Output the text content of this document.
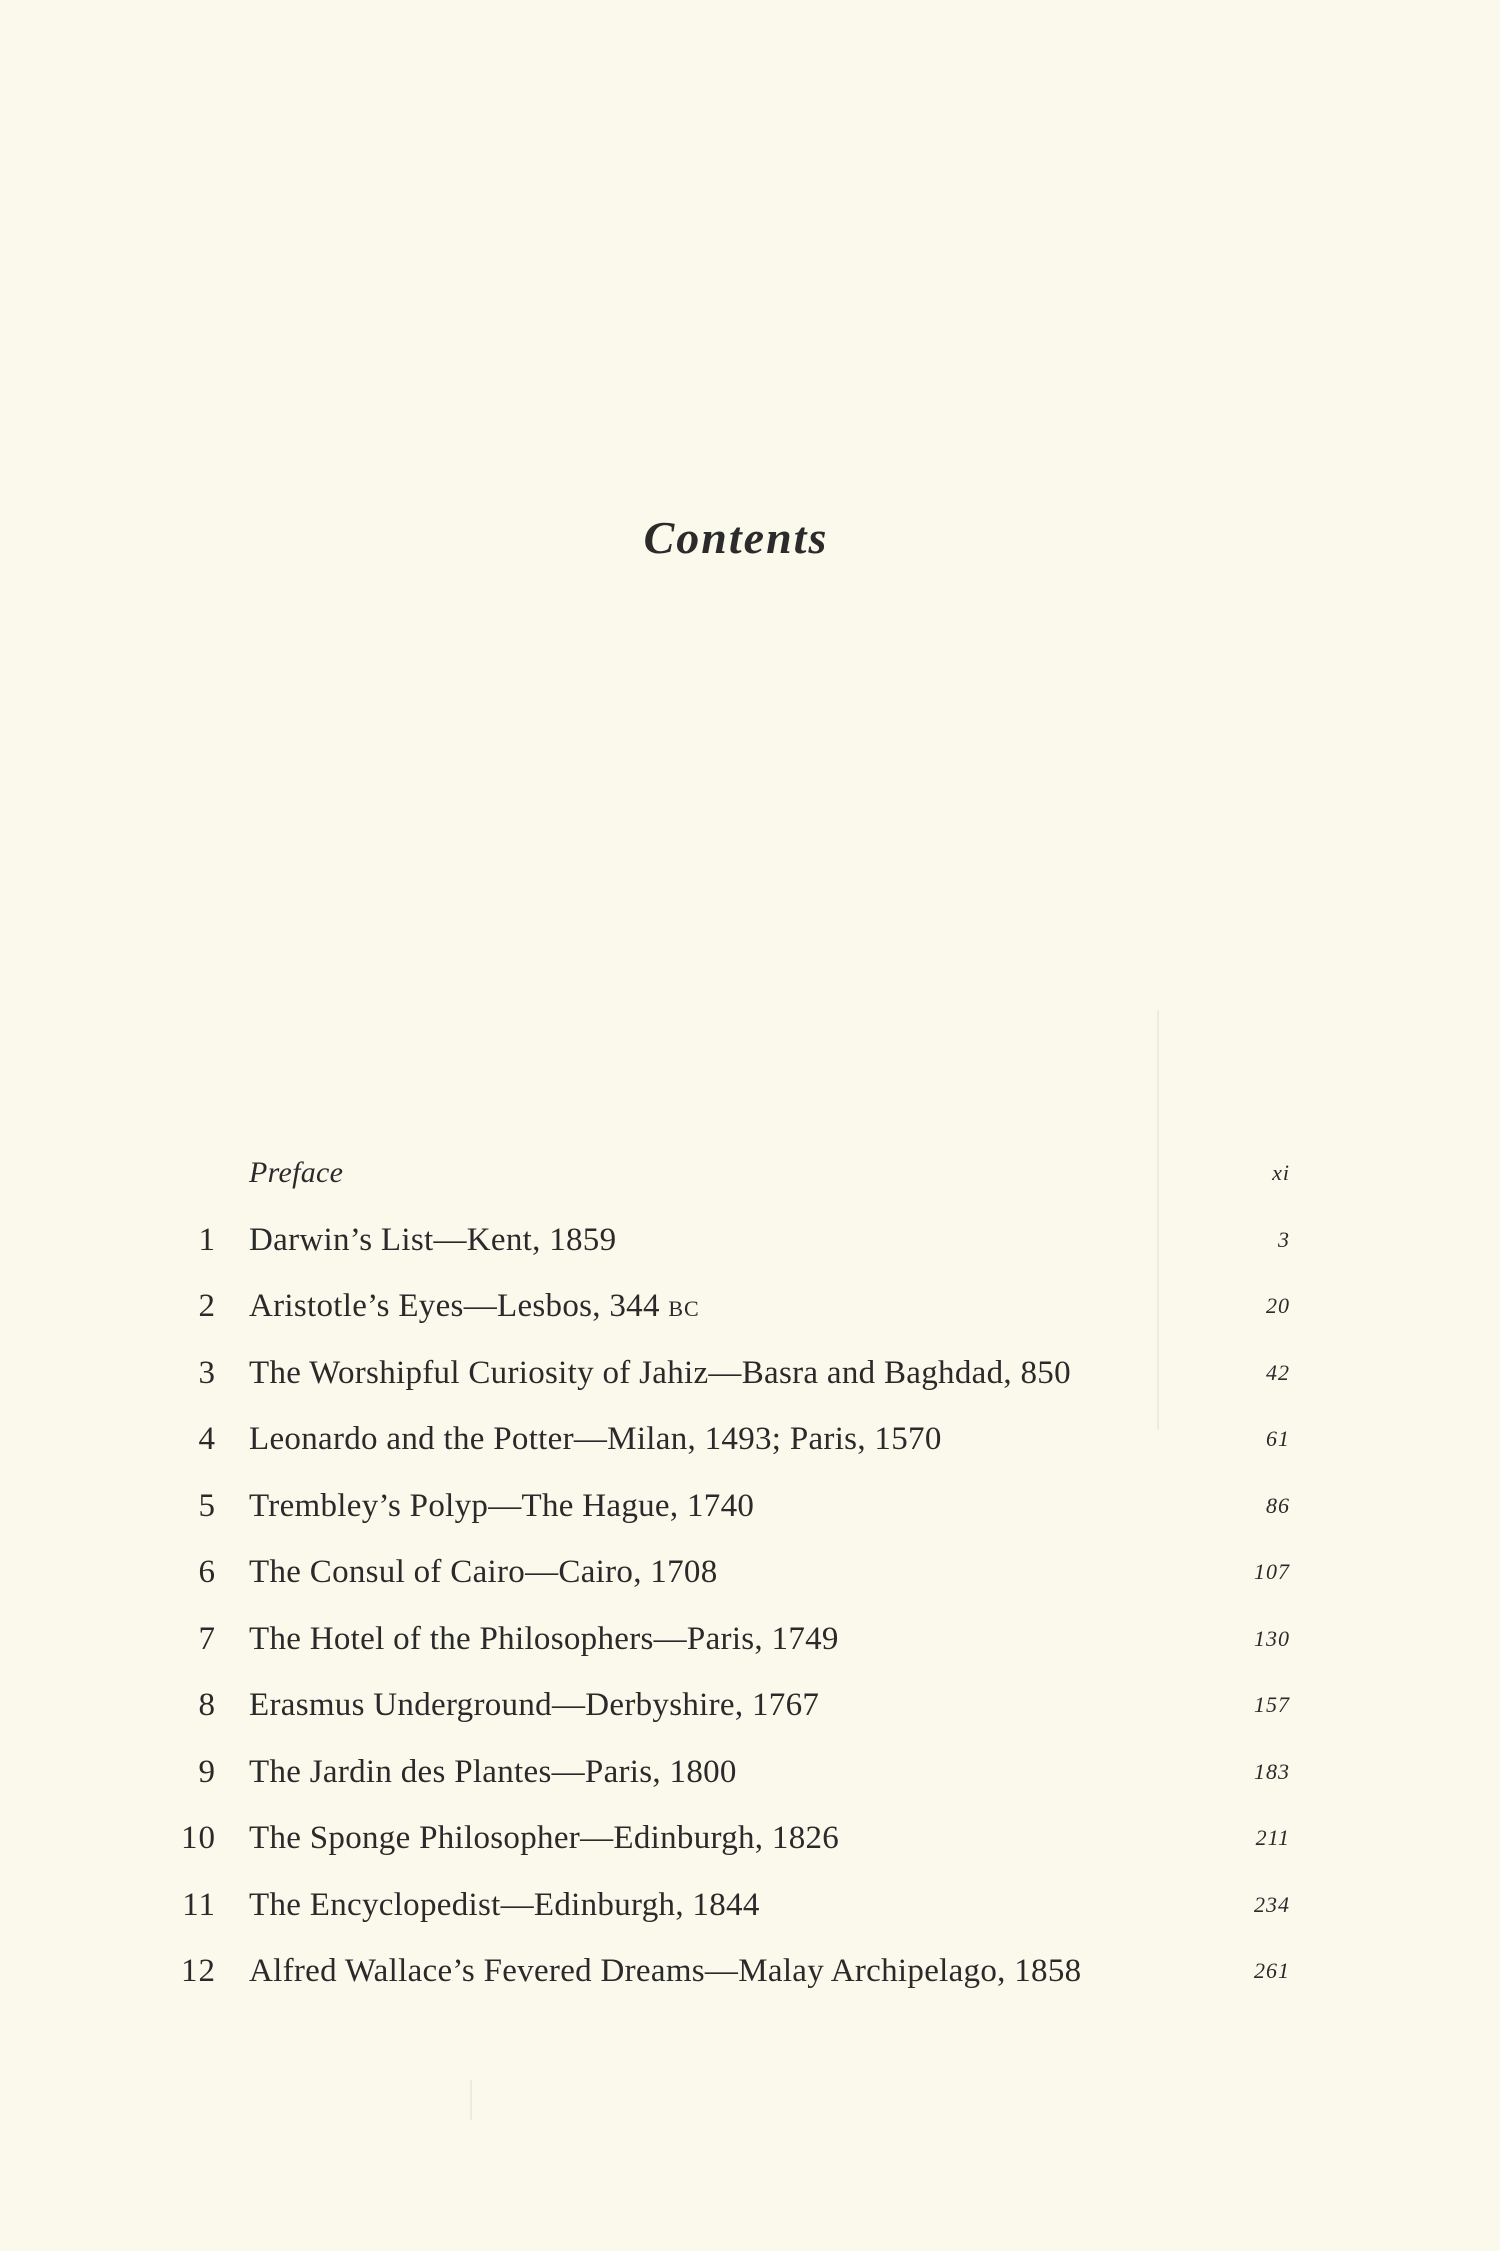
Contents
Preface	xi
1 Darwin’s List—Kent, 1859	3
2 Aristotle’s Eyes—Lesbos, 344 BC	20
3 The Worshipful Curiosity of Jahiz—Basra and Baghdad, 850	42
4 Leonardo and the Potter—Milan, 1493; Paris, 1570	61
5 Trembley’s Polyp—The Hague, 1740	86
6 The Consul of Cairo—Cairo, 1708	107
7 The Hotel of the Philosophers—Paris, 1749	130
8 Erasmus Underground—Derbyshire, 1767	157
9 The Jardin des Plantes—Paris, 1800	183
10 The Sponge Philosopher—Edinburgh, 1826	211
11 The Encyclopedist—Edinburgh, 1844	234
12 Alfred Wallace’s Fevered Dreams—Malay Archipelago, 1858	261
